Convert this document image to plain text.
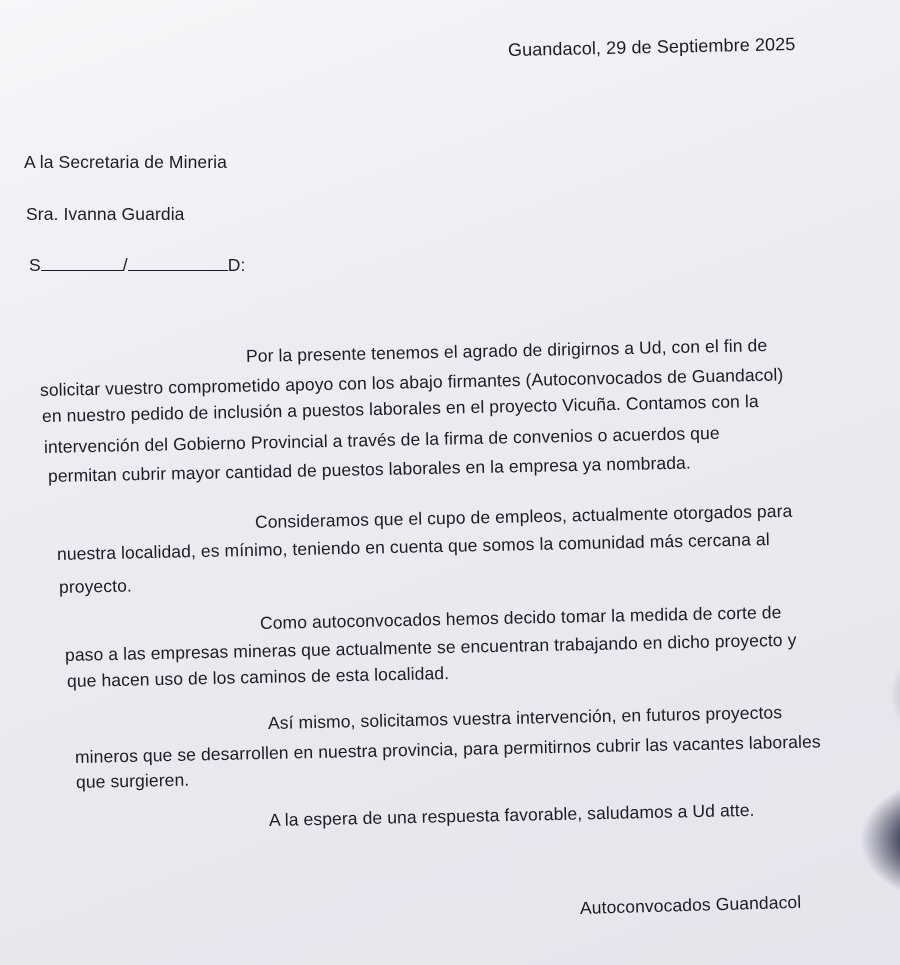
Guandacol, 29 de Septiembre 2025
A la Secretaria de Mineria
Sra. Ivanna Guardia
S	/	D:
Por la presente tenemos el agrado de dirigirnos a Ud, con el fin de
solicitar vuestro comprometido apoyo con los abajo firmantes (Autoconvocados de Guandacol)
en nuestro pedido de inclusión a puestos laborales en el proyecto Vicuña. Contamos con la
intervención del Gobierno Provincial a través de la firma de convenios o acuerdos que
permitan cubrir mayor cantidad de puestos laborales en la empresa ya nombrada.
Consideramos que el cupo de empleos, actualmente otorgados para
nuestra localidad, es mínimo, teniendo en cuenta que somos la comunidad más cercana al
proyecto.
Como autoconvocados hemos decido tomar la medida de corte de
paso a las empresas mineras que actualmente se encuentran trabajando en dicho proyecto y
que hacen uso de los caminos de esta localidad.
Así mismo, solicitamos vuestra intervención, en futuros proyectos
mineros que se desarrollen en nuestra provincia, para permitirnos cubrir las vacantes laborales
que surgieren.
A la espera de una respuesta favorable, saludamos a Ud atte.
Autoconvocados Guandacol
